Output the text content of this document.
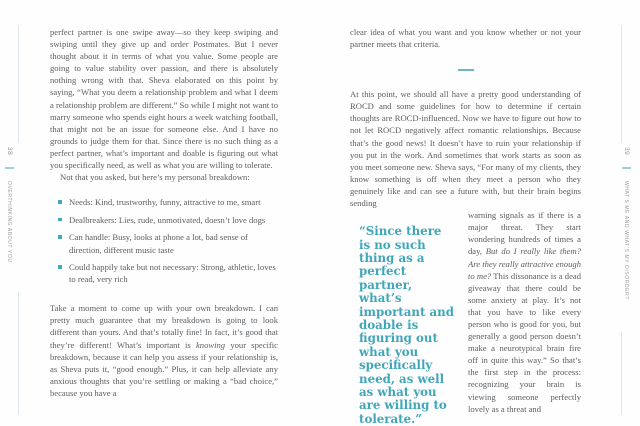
38
OVERTHINKING ABOUT YOU
39
WHAT’S ME AND WHAT’S MY DISORDER?

perfect partner is one swipe away—so they keep swiping and swiping until they give up and order Postmates. But I never thought about it in terms of what you value. Some people are going to value stability over passion, and there is absolutely nothing wrong with that. Sheva elaborated on this point by saying, “What you deem a relationship problem and what I deem a relationship problem are different.” So while I might not want to marry someone who spends eight hours a week watching football, that might not be an issue for someone else. And I have no grounds to judge them for that. Since there is no such thing as a perfect partner, what’s important and doable is figuring out what you specifically need, as well as what you are willing to tolerate.

Not that you asked, but here’s my personal breakdown:

Needs: Kind, trustworthy, funny, attractive to me, smart
Dealbreakers: Lies, rude, unmotivated, doesn’t love dogs
Can handle: Busy, looks at phone a lot, bad sense of direction, different music taste
Could happily take but not necessary: Strong, athletic, loves to read, very rich

Take a moment to come up with your own breakdown. I can pretty much guarantee that my breakdown is going to look different than yours. And that’s totally fine! In fact, it’s good that they’re different! What’s important is knowing your specific breakdown, because it can help you assess if your relationship is, as Sheva puts it, “good enough.” Plus, it can help alleviate any anxious thoughts that you’re settling or making a “bad choice,” because you have a

clear idea of what you want and you know whether or not your partner meets that criteria.

At this point, we should all have a pretty good understanding of ROCD and some guidelines for how to determine if certain thoughts are ROCD-influenced. Now we have to figure out how to not let ROCD negatively affect romantic relationships. Because that’s the good news! It doesn’t have to ruin your relationship if you put in the work. And sometimes that work starts as soon as you meet someone new. Sheva says, “For many of my clients, they know something is off when they meet a person who they genuinely like and can see a future with, but their brain begins sending

“Since there is no such thing as a perfect partner, what’s important and doable is figuring out what you specifically need, as well as what you are willing to tolerate.”

warning signals as if there is a major threat. They start wondering hundreds of times a day, But do I really like them? Are they really attractive enough to me? This dissonance is a dead giveaway that there could be some anxiety at play. It’s not that you have to like every person who is good for you, but generally a good person doesn’t make a neurotypical brain fire off in quite this way.” So that’s the first step in the process: recognizing your brain is viewing someone perfectly lovely as a threat and
